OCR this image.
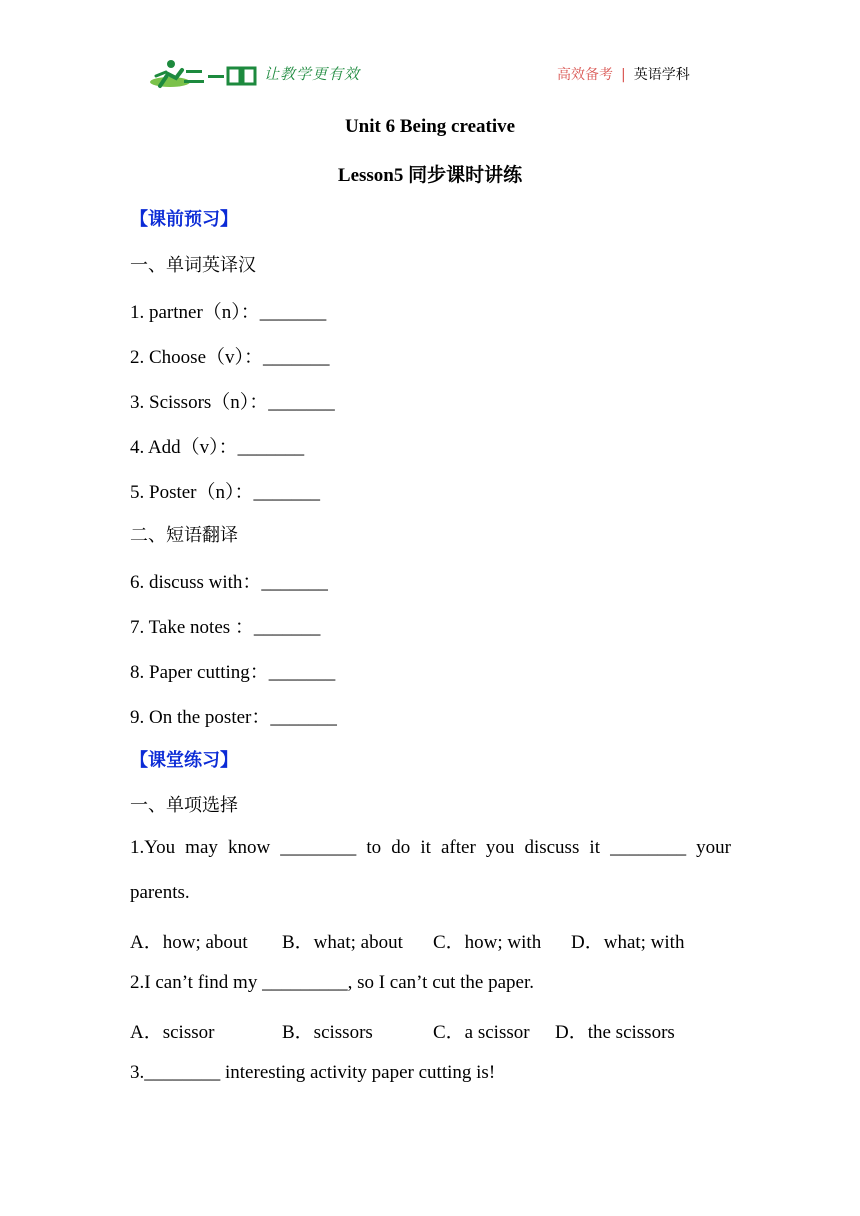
让教学更有效	高效备考 | 英语学科
Unit 6 Being creative
Lesson5 同步课时讲练
【课前预习】
一、单词英译汉
1. partner（n）：_______
2. Choose（v）：_______
3. Scissors（n）：_______
4. Add（v）：_______
5. Poster（n）：_______
二、短语翻译
6. discuss with：_______
7. Take notes ：_______
8. Paper cutting：_______
9. On the poster：_______
【课堂练习】
一、单项选择
1.You may know ________ to do it after you discuss it ________ your
parents.
A．how; about B．what; about C．how; with D．what; with
2.I can’t find my _________, so I can’t cut the paper.
A．scissor	B．scissors	C．a scissor D．the scissors
3.________ interesting activity paper cutting is!
